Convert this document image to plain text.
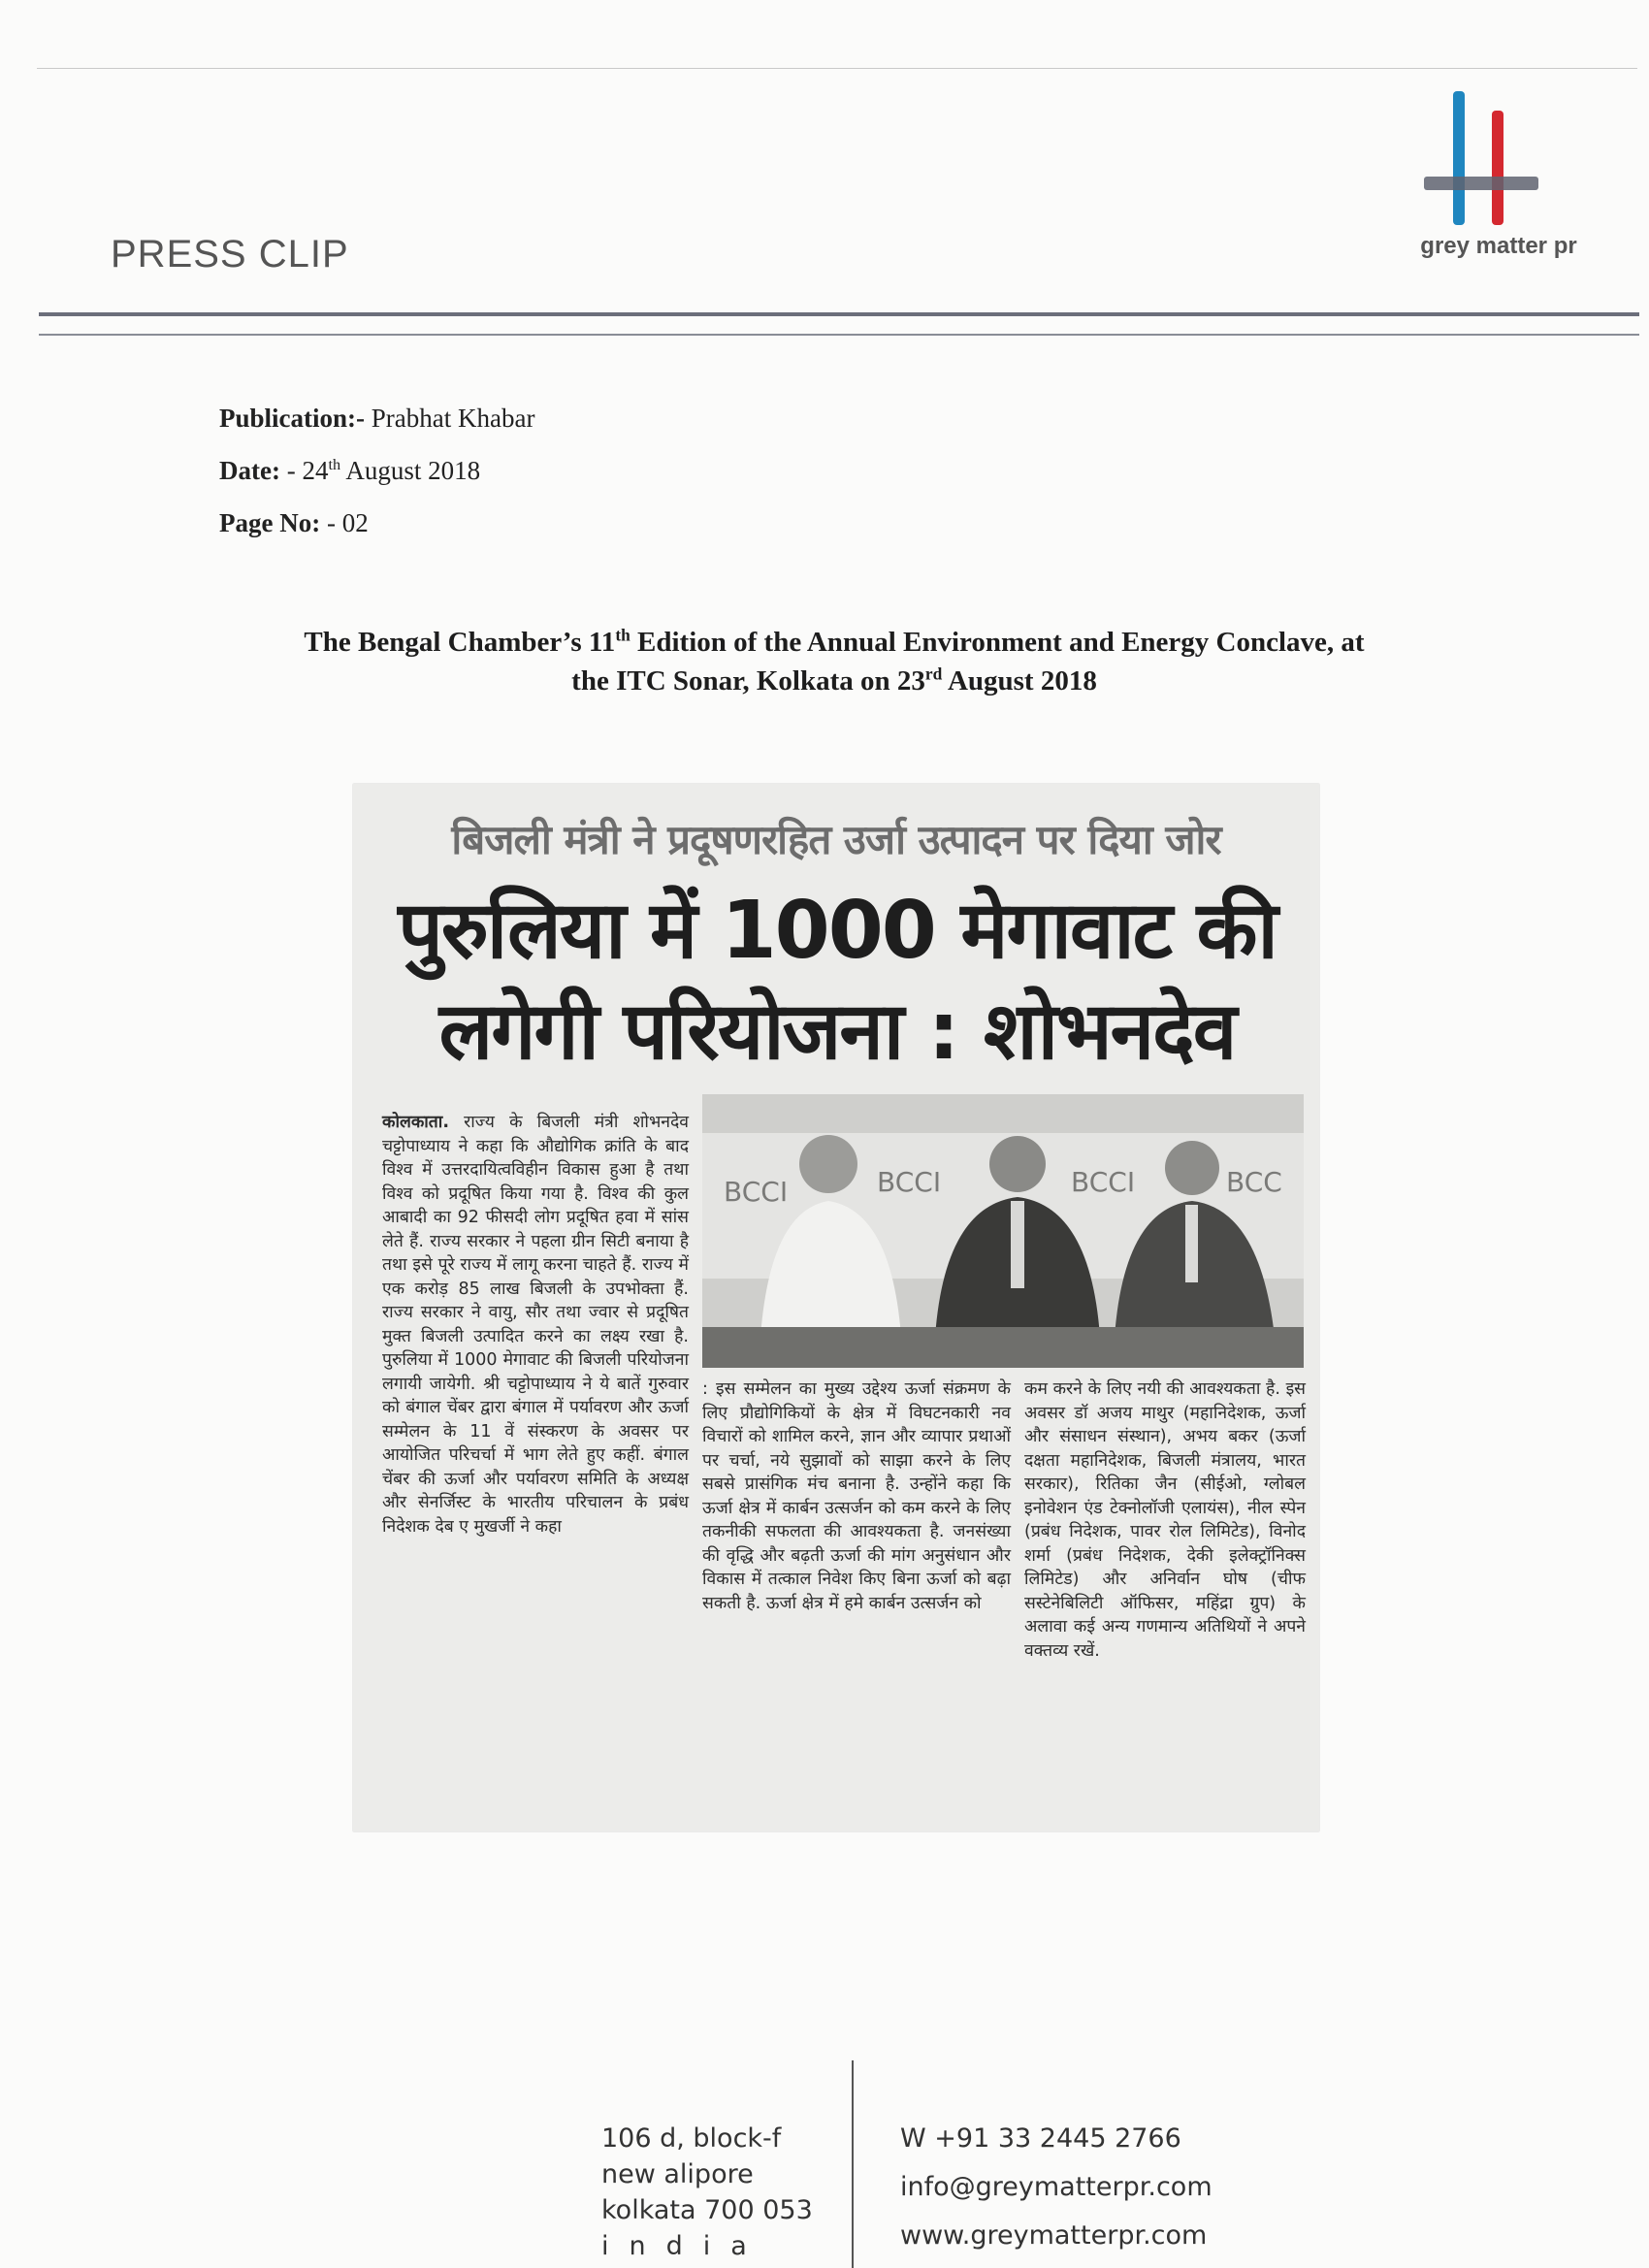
PRESS CLIP	grey matter pr
Publication:- Prabhat Khabar
Date: - 24th August 2018
Page No: - 02
The Bengal Chamber’s 11th Edition of the Annual Environment and Energy Conclave, at
the ITC Sonar, Kolkata on 23rd August 2018
बिजली मंत्री ने प्रदूषणरहित उर्जा उत्पादन पर दिया जोर
पुरुलिया में 1000 मेगावाट की
लगेगी परियोजना : शोभनदेव
कोलकाता. राज्य के बिजली मंत्री शोभनदेव चट्टोपाध्याय ने कहा कि औद्योगिक क्रांति के बाद विश्व में उत्तरदायित्वविहीन विकास हुआ है तथा विश्व को प्रदूषित किया गया है. विश्व की कुल आबादी का 92 फीसदी लोग प्रदूषित हवा में सांस लेते हैं. राज्य सरकार ने पहला ग्रीन सिटी बनाया है तथा इसे पूरे राज्य में लागू करना चाहते हैं. राज्य में एक करोड़ 85 लाख बिजली के उपभोक्ता हैं. राज्य सरकार ने वायु, सौर तथा ज्वार से प्रदूषित मुक्त बिजली उत्पादित करने का लक्ष्य रखा है. पुरुलिया में 1000 मेगावाट की बिजली परियोजना लगायी जायेगी. श्री चट्टोपाध्याय ने ये बातें गुरुवार को बंगाल चेंबर द्वारा बंगाल में पर्यावरण और ऊर्जा सम्मेलन के 11 वें संस्करण के अवसर पर आयोजित परिचर्चा में भाग लेते हुए कहीं. बंगाल चेंबर की ऊर्जा और पर्यावरण समिति के अध्यक्ष और सेनर्जिस्ट के भारतीय परिचालन के प्रबंध निदेशक देब ए मुखर्जी ने कहा
BCCI	BCCI	BCCI	BCC
: इस सम्मेलन का मुख्य उद्देश्य ऊर्जा संक्रमण के लिए प्रौद्योगिकियों के क्षेत्र में विघटनकारी नव विचारों को शामिल करने, ज्ञान और व्यापार प्रथाओं पर चर्चा, नये सुझावों को साझा करने के लिए सबसे प्रासंगिक मंच बनाना है. उन्होंने कहा कि ऊर्जा क्षेत्र में कार्बन उत्सर्जन को कम करने के लिए तकनीकी सफलता की आवश्यकता है. जनसंख्या की वृद्धि और बढ़ती ऊर्जा की मांग अनुसंधान और विकास में तत्काल निवेश किए बिना ऊर्जा को बढ़ा सकती है. ऊर्जा क्षेत्र में हमे कार्बन उत्सर्जन को
कम करने के लिए नयी की आवश्यकता है. इस अवसर डॉ अजय माथुर (महानिदेशक, ऊर्जा और संसाधन संस्थान), अभय बकर (ऊर्जा दक्षता महानिदेशक, बिजली मंत्रालय, भारत सरकार), रितिका जैन (सीईओ, ग्लोबल इनोवेशन एंड टेक्नोलॉजी एलायंस), नील स्पेन (प्रबंध निदेशक, पावर रोल लिमिटेड), विनोद शर्मा (प्रबंध निदेशक, देकी इलेक्ट्रॉनिक्स लिमिटेड) और अनिर्वान घोष (चीफ सस्टेनेबिलिटी ऑफिसर, महिंद्रा ग्रुप) के अलावा कई अन्य गणमान्य अतिथियों ने अपने वक्तव्य रखें.
106 d, block-f
new alipore
kolkata 700 053
india
W +91 33 2445 2766
info@greymatterpr.com
www.greymatterpr.com
